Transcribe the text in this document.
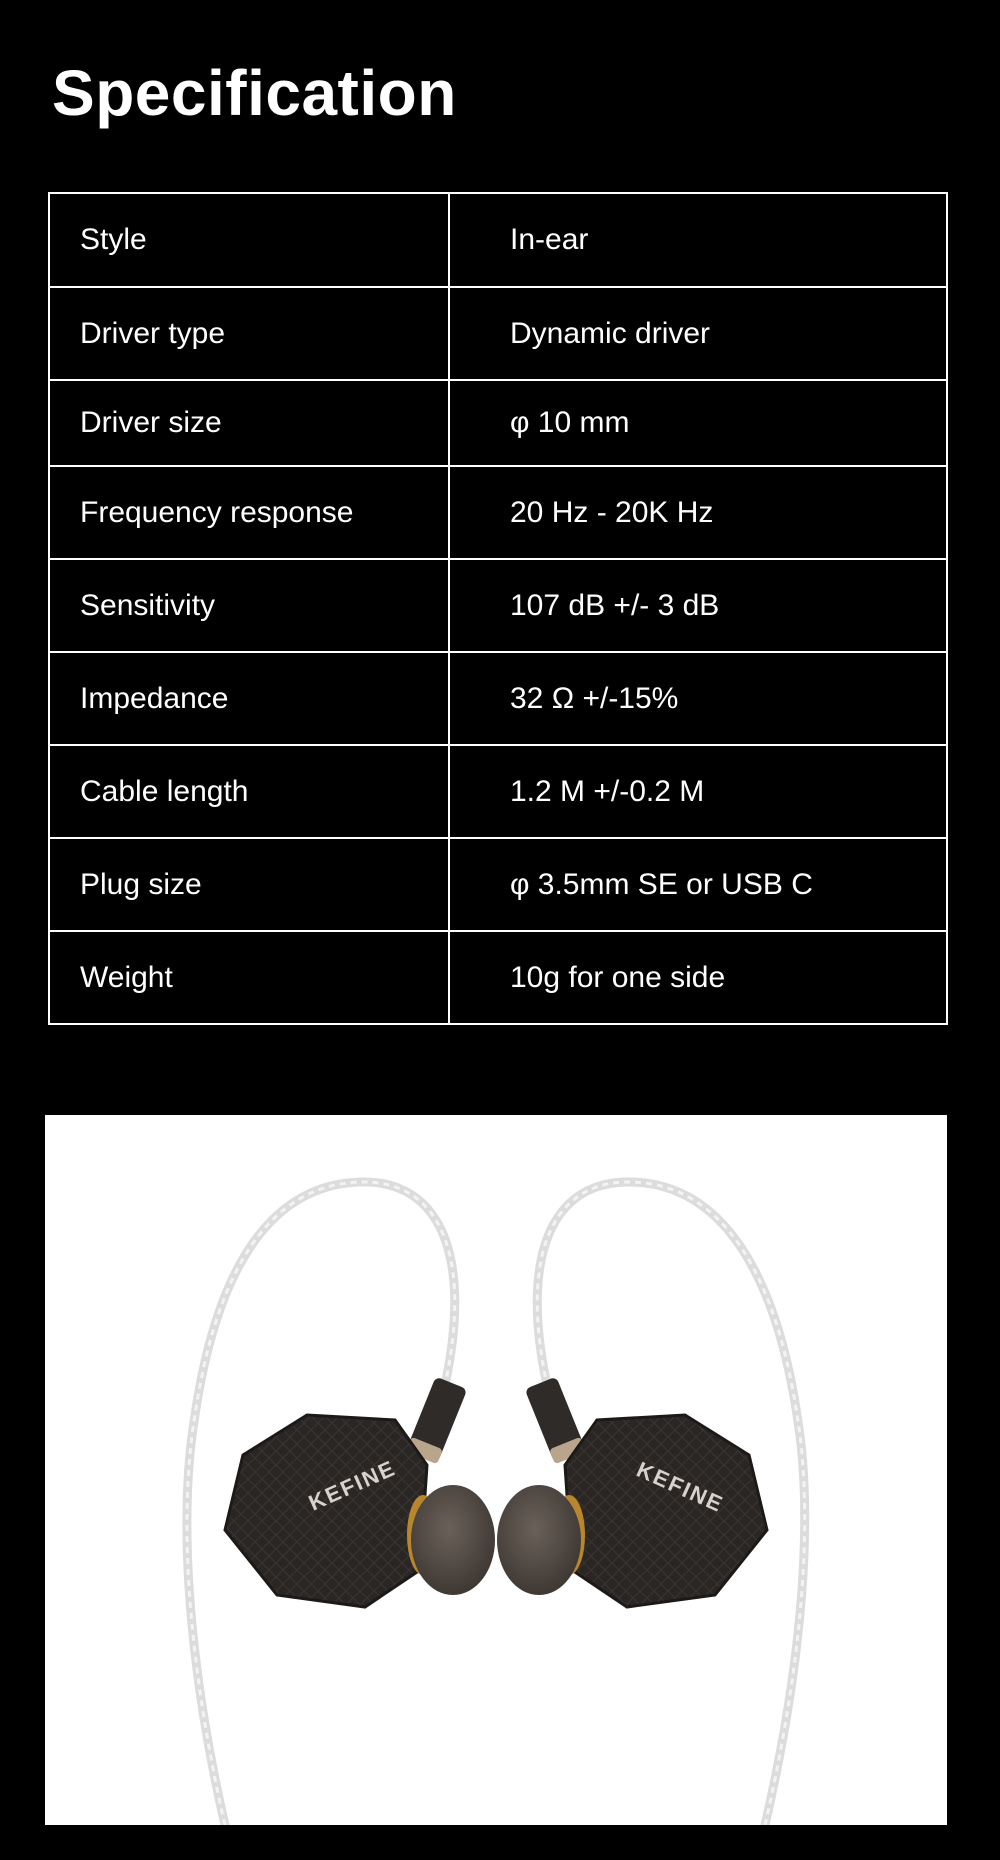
Specification
Style	In-ear
Driver type	Dynamic driver
Driver size	φ 10 mm
Frequency response	20 Hz - 20K Hz
Sensitivity	107 dB +/- 3 dB
Impedance	32 Ω +/-15%
Cable length	1.2 M +/-0.2 M
Plug size	φ 3.5mm SE or USB C
Weight	10g for one side
KEFINE	KEFINE
